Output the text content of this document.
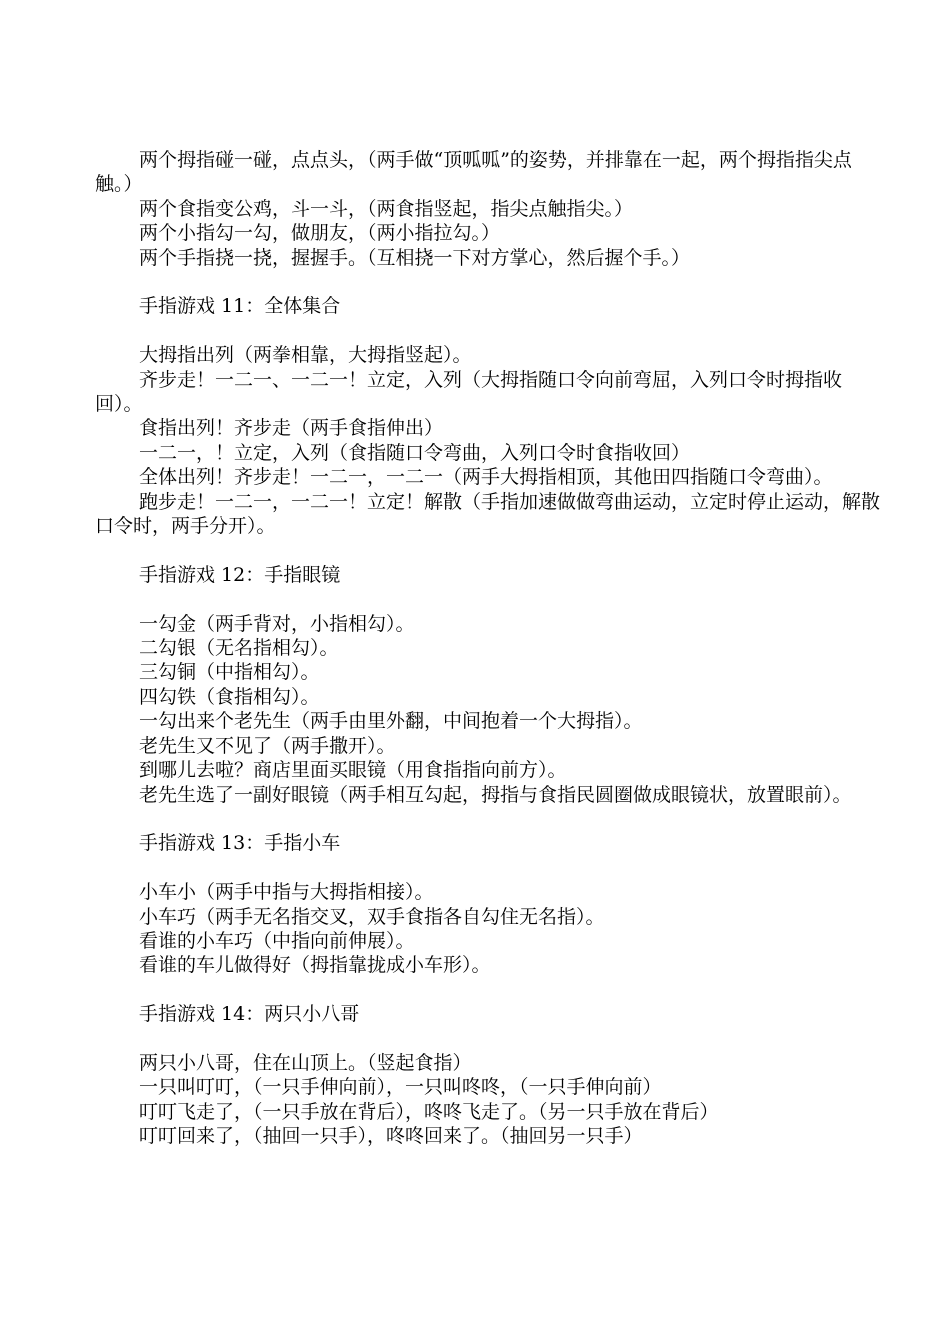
两个拇指碰一碰，点点头，（两手做“顶呱呱”的姿势，并排靠在一起，两个拇指指尖点触。）
两个食指变公鸡，斗一斗，（两食指竖起，指尖点触指尖。）
两个小指勾一勾，做朋友，（两小指拉勾。）
两个手指挠一挠，握握手。（互相挠一下对方掌心，然后握个手。）
手指游戏 11：全体集合
大拇指出列（两拳相靠，大拇指竖起）。
齐步走！一二一、一二一！立定，入列（大拇指随口令向前弯屈，入列口令时拇指收回）。
食指出列！齐步走（两手食指伸出）
一二一，！立定，入列（食指随口令弯曲，入列口令时食指收回）
全体出列！齐步走！一二一，一二一（两手大拇指相顶，其他田四指随口令弯曲）。
跑步走！一二一，一二一！立定！解散（手指加速做做弯曲运动，立定时停止运动，解散口令时，两手分开）。
手指游戏 12：手指眼镜
一勾金（两手背对，小指相勾）。
二勾银（无名指相勾）。
三勾铜（中指相勾）。
四勾铁（食指相勾）。
一勾出来个老先生（两手由里外翻，中间抱着一个大拇指）。
老先生又不见了（两手撒开）。
到哪儿去啦？商店里面买眼镜（用食指指向前方）。
老先生选了一副好眼镜（两手相互勾起，拇指与食指民圆圈做成眼镜状，放置眼前）。
手指游戏 13：手指小车
小车小（两手中指与大拇指相接）。
小车巧（两手无名指交叉，双手食指各自勾住无名指）。
看谁的小车巧（中指向前伸展）。
看谁的车儿做得好（拇指靠拢成小车形）。
手指游戏 14：两只小八哥
两只小八哥，住在山顶上。（竖起食指）
一只叫叮叮，（一只手伸向前），一只叫咚咚，（一只手伸向前）
叮叮飞走了，（一只手放在背后），咚咚飞走了。（另一只手放在背后）
叮叮回来了，（抽回一只手），咚咚回来了。（抽回另一只手）
